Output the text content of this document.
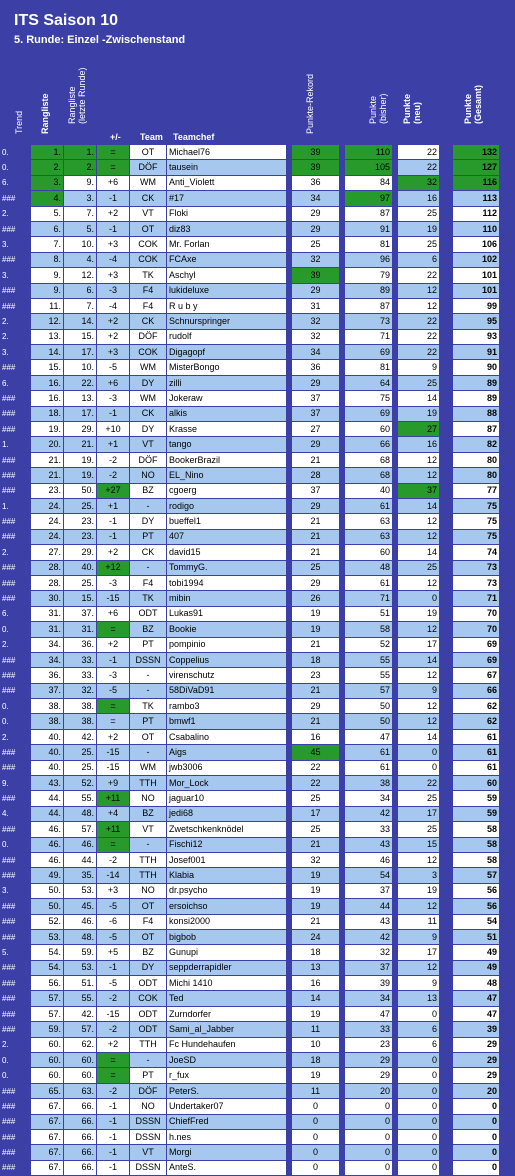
ITS Saison 10
5. Runde: Einzel -Zwischenstand
Trend Rangliste Rangliste (letzte Runde)
+/- Team Teamchef
Punkte-Rekord	Punkte (bisher) Punkte (neu)	Punkte (Gesamt)
0.	1.	1.	=	OT	Michael76		39		110		22		132	
0.	2.	2.	=	DÖF	tausein		39		105		22		127	
6.	3.	9.	+6	WM	Anti_Violett		36		84		32		116	
###	4.	3.	-1	CK	#17		34		97		16		113	
2.	5.	7.	+2	VT	Floki		29		87		25		112	
###	6.	5.	-1	OT	diz83		29		91		19		110	
3.	7.	10.	+3	COK	Mr. Forlan		25		81		25		106	
###	8.	4.	-4	COK	FCAxe		32		96		6		102	
3.	9.	12.	+3	TK	Aschyl		39		79		22		101	
###	9.	6.	-3	F4	lukideluxe		29		89		12		101	
###	11.	7.	-4	F4	R u b y		31		87		12		99	
2.	12.	14.	+2	CK	Schnurspringer		32		73		22		95	
2.	13.	15.	+2	DÖF	rudolf		32		71		22		93	
3.	14.	17.	+3	COK	Digagopf		34		69		22		91	
###	15.	10.	-5	WM	MisterBongo		36		81		9		90	
6.	16.	22.	+6	DY	zilli		29		64		25		89	
###	16.	13.	-3	WM	Jokeraw		37		75		14		89	
###	18.	17.	-1	CK	alkis		37		69		19		88	
###	19.	29.	+10	DY	Krasse		27		60		27		87	
1.	20.	21.	+1	VT	tango		29		66		16		82	
###	21.	19.	-2	DÖF	BookerBrazil		21		68		12		80	
###	21.	19.	-2	NO	EL_Nino		28		68		12		80	
###	23.	50.	+27	BZ	cgoerg		37		40		37		77	
1.	24.	25.	+1	-	rodigo		29		61		14		75	
###	24.	23.	-1	DY	bueffel1		21		63		12		75	
###	24.	23.	-1	PT	407		21		63		12		75	
2.	27.	29.	+2	CK	david15		21		60		14		74	
###	28.	40.	+12	-	TommyG.		25		48		25		73	
###	28.	25.	-3	F4	tobi1994		29		61		12		73	
###	30.	15.	-15	TK	mibin		26		71		0		71	
6.	31.	37.	+6	ODT	Lukas91		19		51		19		70	
0.	31.	31.	=	BZ	Bookie		19		58		12		70	
2.	34.	36.	+2	PT	pompinio		21		52		17		69	
###	34.	33.	-1	DSSN	Coppelius		18		55		14		69	
###	36.	33.	-3	-	virenschutz		23		55		12		67	
###	37.	32.	-5	-	58DiVaD91		21		57		9		66	
0.	38.	38.	=	TK	rambo3		29		50		12		62	
0.	38.	38.	=	PT	bmwf1		21		50		12		62	
2.	40.	42.	+2	OT	Csabalino		16		47		14		61	
###	40.	25.	-15	-	Aigs		45		61		0		61	
###	40.	25.	-15	WM	jwb3006		22		61		0		61	
9.	43.	52.	+9	TTH	Mor_Lock		22		38		22		60	
###	44.	55.	+11	NO	jaguar10		25		34		25		59	
4.	44.	48.	+4	BZ	jedi68		17		42		17		59	
###	46.	57.	+11	VT	Zwetschkenknödel		25		33		25		58	
0.	46.	46.	=	-	Fischi12		21		43		15		58	
###	46.	44.	-2	TTH	Josef001		32		46		12		58	
###	49.	35.	-14	TTH	Klabia		19		54		3		57	
3.	50.	53.	+3	NO	dr.psycho		19		37		19		56	
###	50.	45.	-5	OT	ersoichso		19		44		12		56	
###	52.	46.	-6	F4	konsi2000		21		43		11		54	
###	53.	48.	-5	OT	bigbob		24		42		9		51	
5.	54.	59.	+5	BZ	Gunupi		18		32		17		49	
###	54.	53.	-1	DY	seppderrapidler		13		37		12		49	
###	56.	51.	-5	ODT	Michi 1410		16		39		9		48	
###	57.	55.	-2	COK	Ted		14		34		13		47	
###	57.	42.	-15	ODT	Zurndorfer		19		47		0		47	
###	59.	57.	-2	ODT	Sami_al_Jabber		11		33		6		39	
2.	60.	62.	+2	TTH	Fc Hundehaufen		10		23		6		29	
0.	60.	60.	=	-	JoeSD		18		29		0		29	
0.	60.	60.	=	PT	r_fux		19		29		0		29	
###	65.	63.	-2	DÖF	PeterS.		11		20		0		20	
###	67.	66.	-1	NO	Undertaker07		0		0		0		0	
###	67.	66.	-1	DSSN	ChiefFred		0		0		0		0	
###	67.	66.	-1	DSSN	h.nes		0		0		0		0	
###	67.	66.	-1	VT	Morgi		0		0		0		0	
###	67.	66.	-1	DSSN	AnteS.		0		0		0		0	
